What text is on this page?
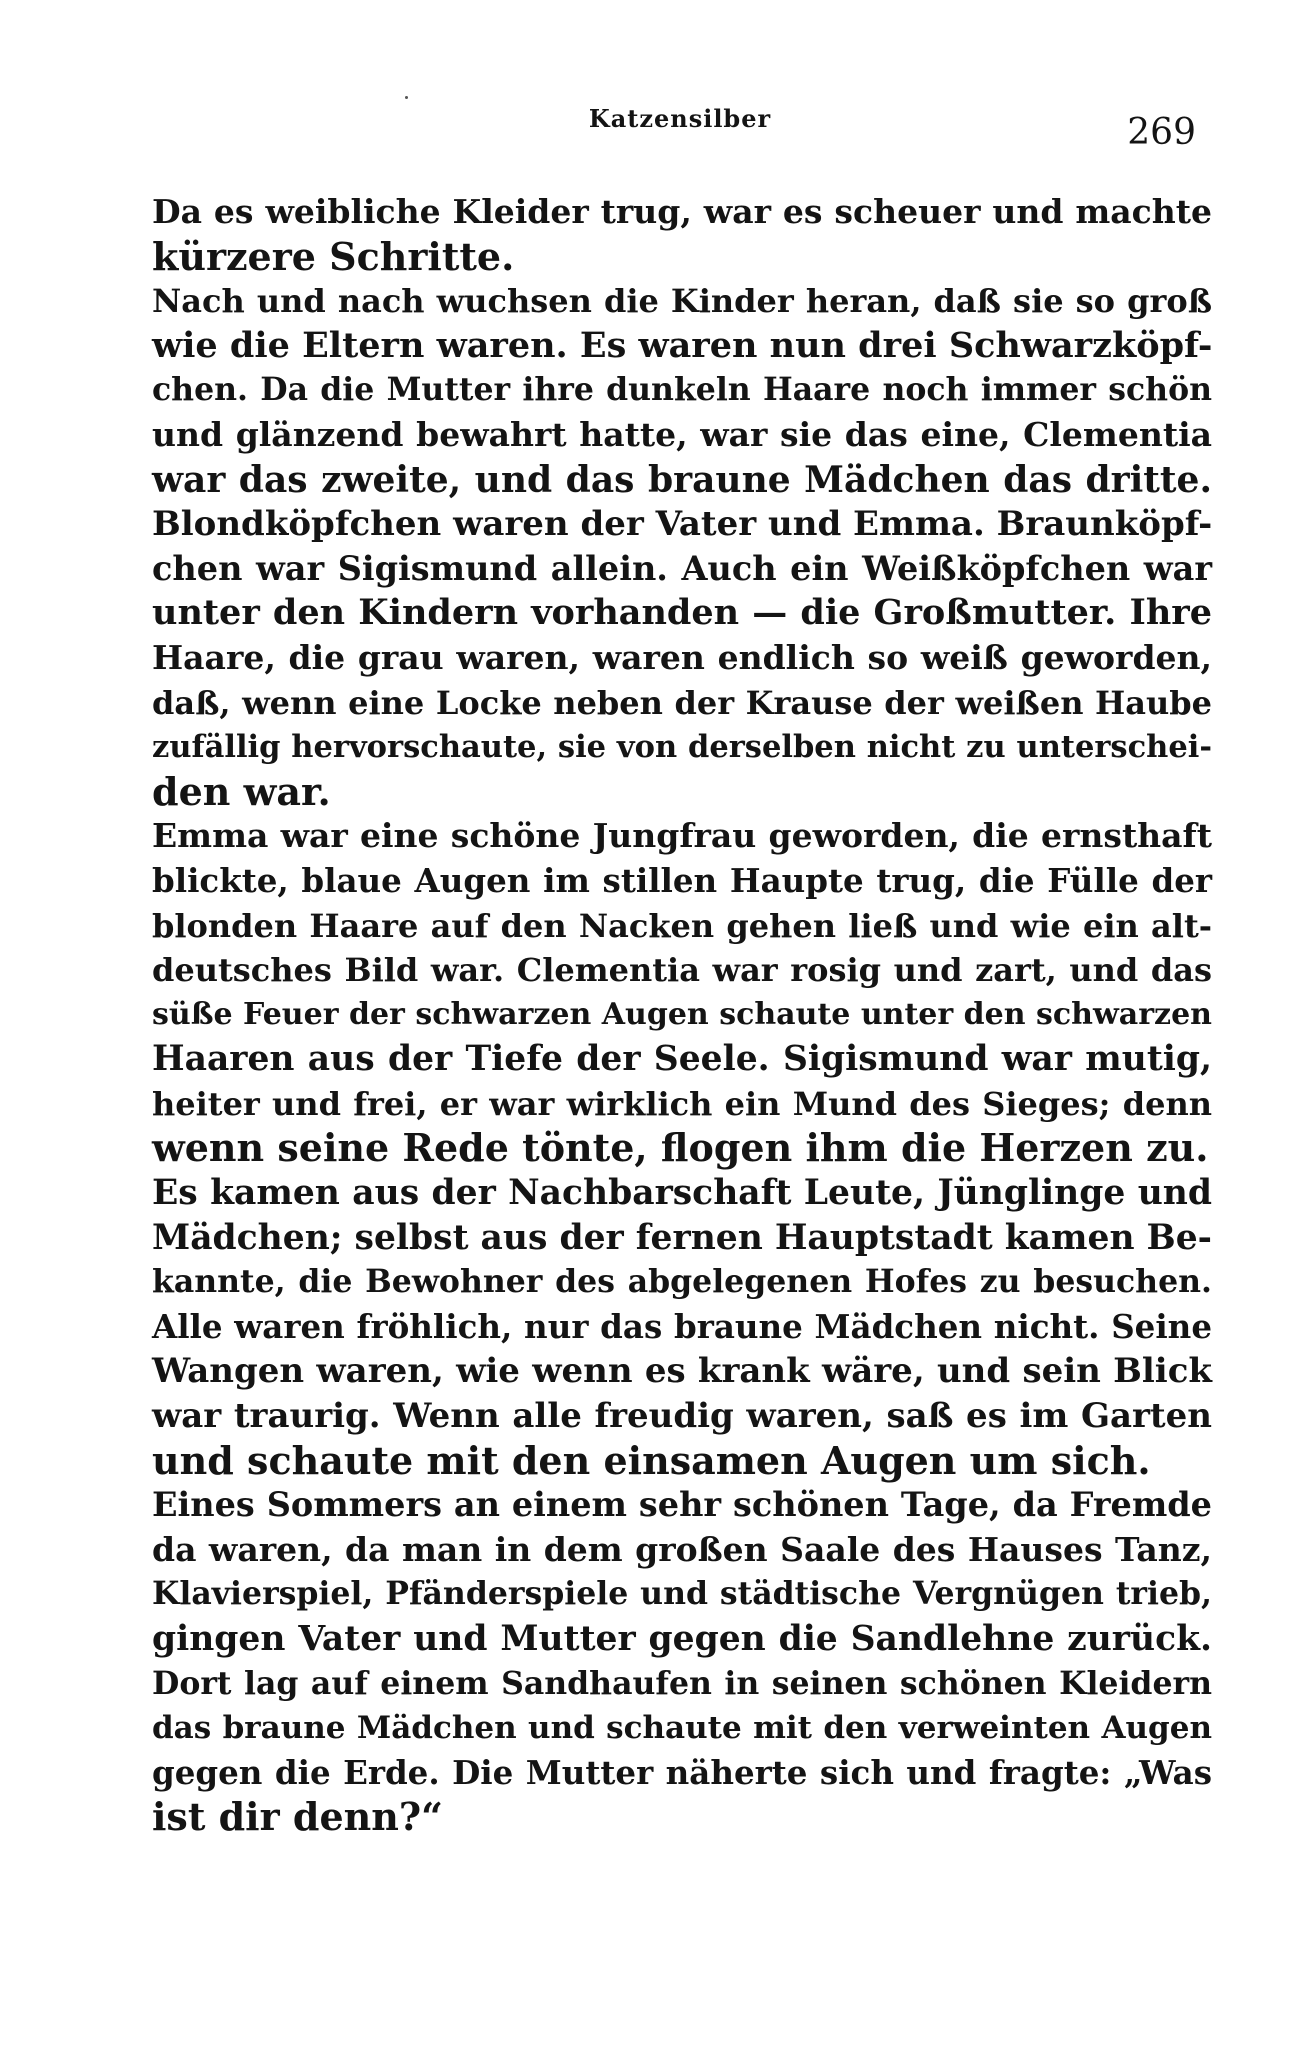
Katzensilber	269
Da es weibliche Kleider trug, war es scheuer und machte
kürzere Schritte.
Nach und nach wuchsen die Kinder heran, daß sie so groß
wie die Eltern waren. Es waren nun drei Schwarzköpf-
chen. Da die Mutter ihre dunkeln Haare noch immer schön
und glänzend bewahrt hatte, war sie das eine, Clementia
war das zweite, und das braune Mädchen das dritte.
Blondköpfchen waren der Vater und Emma. Braunköpf-
chen war Sigismund allein. Auch ein Weißköpfchen war
unter den Kindern vorhanden — die Großmutter. Ihre
Haare, die grau waren, waren endlich so weiß geworden,
daß, wenn eine Locke neben der Krause der weißen Haube
zufällig hervorschaute, sie von derselben nicht zu unterschei-
den war.
Emma war eine schöne Jungfrau geworden, die ernsthaft
blickte, blaue Augen im stillen Haupte trug, die Fülle der
blonden Haare auf den Nacken gehen ließ und wie ein alt-
deutsches Bild war. Clementia war rosig und zart, und das
süße Feuer der schwarzen Augen schaute unter den schwarzen
Haaren aus der Tiefe der Seele. Sigismund war mutig,
heiter und frei, er war wirklich ein Mund des Sieges; denn
wenn seine Rede tönte, flogen ihm die Herzen zu.
Es kamen aus der Nachbarschaft Leute, Jünglinge und
Mädchen; selbst aus der fernen Hauptstadt kamen Be-
kannte, die Bewohner des abgelegenen Hofes zu besuchen.
Alle waren fröhlich, nur das braune Mädchen nicht. Seine
Wangen waren, wie wenn es krank wäre, und sein Blick
war traurig. Wenn alle freudig waren, saß es im Garten
und schaute mit den einsamen Augen um sich.
Eines Sommers an einem sehr schönen Tage, da Fremde
da waren, da man in dem großen Saale des Hauses Tanz,
Klavierspiel, Pfänderspiele und städtische Vergnügen trieb,
gingen Vater und Mutter gegen die Sandlehne zurück.
Dort lag auf einem Sandhaufen in seinen schönen Kleidern
das braune Mädchen und schaute mit den verweinten Augen
gegen die Erde. Die Mutter näherte sich und fragte: „Was
ist dir denn?“
